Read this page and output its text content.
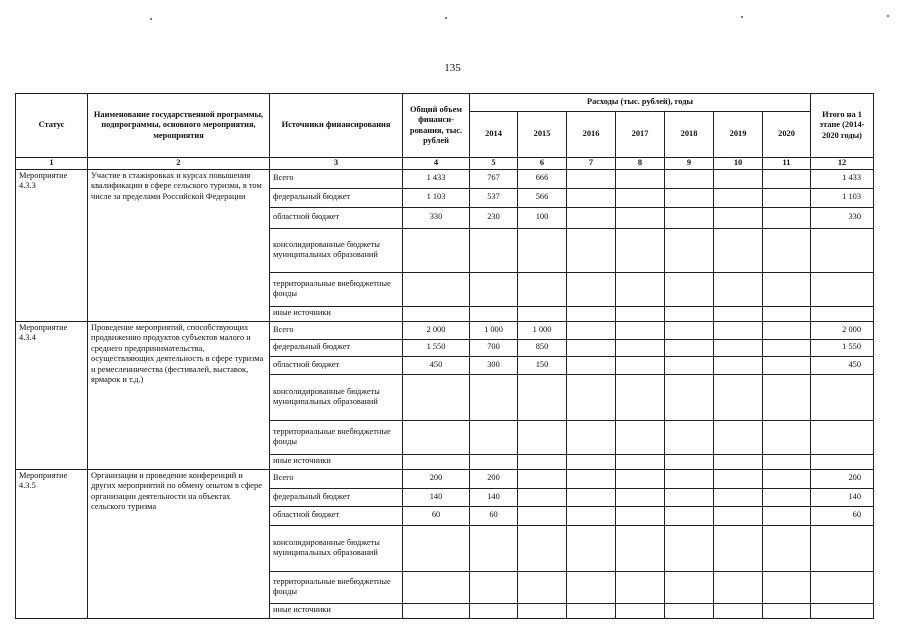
135
Статус	Наименование государственной программы, подпрограммы, основного мероприятия, мероприятия	Источники финансирования	Общий объем финанси-рования, тыс. рублей	Расходы (тыс. рублей), годы							Итого на 1 этапе (2014-2020 годы)
				2014	2015	2016	2017	2018	2019	2020	
1	2	3	4	5	6	7	8	9	10	11	12
Мероприятие 4.3.3	Участие в стажировках и курсах повышения квалификации в сфере сельского туризма, в том числе за пределами Российской Федерации	Всего	1 433	767	666						1 433
		федеральный бюджет	1 103	537	566						1 103
		областной бюджет	330	230	100						330
		консолидированные бюджеты муниципальных образований									
		территориальные внебюджетные фонды									
		иные источники									
Мероприятие 4.3.4	Проведение мероприятий, способствующих продвижению продуктов субъектов малого и среднего предпринимательства, осуществляющих деятельность в сфере туризма и ремесленничества (фестивалей, выставок, ярмарок и т.д.)	Всего	2 000	1 000	1 000						2 000
		федеральный бюджет	1 550	700	850						1 550
		областной бюджет	450	300	150						450
		консолидированные бюджеты муниципальных образований									
		территориальные внебюджетные фонды									
		иные источники									
Мероприятие 4.3.5	Организация и проведение конференций и других мероприятий по обмену опытом в сфере организации деятельности на объектах сельского туризма	Всего	200	200							200
		федеральный бюджет	140	140							140
		областной бюджет	60	60							60
		консолидированные бюджеты муниципальных образований									
		территориальные внебюджетные фонды									
		иные источники									
